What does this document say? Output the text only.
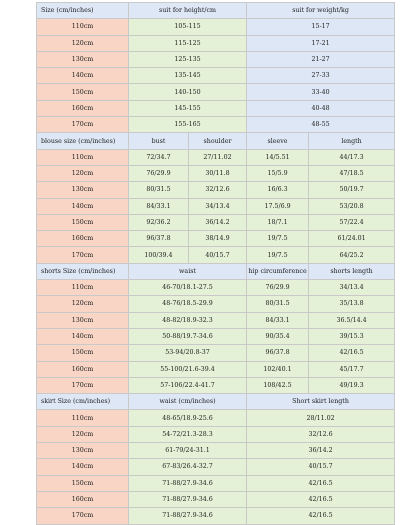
Size (cm/inches)	suit for height/cm		suit for weight/kg	
110cm	105-115		15-17	
120cm	115-125		17-21	
130cm	125-135		21-27	
140cm	135-145		27-33	
150cm	140-150		33-40	
160cm	145-155		40-48	
170cm	155-165		48-55	
blouse size (cm/inches)	bust	shoulder	sleeve	length
110cm	72/34.7	27/11.02	14/5.51	44/17.3
120cm	76/29.9	30/11.8	15/5.9	47/18.5
130cm	80/31.5	32/12.6	16/6.3	50/19.7
140cm	84/33.1	34/13.4	17.5/6.9	53/20.8
150cm	92/36.2	36/14.2	18/7.1	57/22.4
160cm	96/37.8	38/14.9	19/7.5	61/24.01
170cm	100/39.4	40/15.7	19/7.5	64/25.2
shorts Size (cm/inches)	waist		hip circumference	shorts length
110cm	46-70/18.1-27.5		76/29.9	34/13.4
120cm	48-76/18.5-29.9		80/31.5	35/13.8
130cm	48-82/18.9-32.3		84/33.1	36.5/14.4
140cm	50-88/19.7-34.6		90/35.4	39/15.3
150cm	53-94/20.8-37		96/37.8	42/16.5
160cm	55-100/21.6-39.4		102/40.1	45/17.7
170cm	57-106/22.4-41.7		108/42.5	49/19.3
skirt Size (cm/inches)	waist (cm/inches)		Short skirt length	
110cm	48-65/18.9-25.6		28/11.02	
120cm	54-72/21.3-28.3		32/12.6	
130cm	61-79/24-31.1		36/14.2	
140cm	67-83/26.4-32.7		40/15.7	
150cm	71-88/27.9-34.6		42/16.5	
160cm	71-88/27.9-34.6		42/16.5	
170cm	71-88/27.9-34.6		42/16.5	
